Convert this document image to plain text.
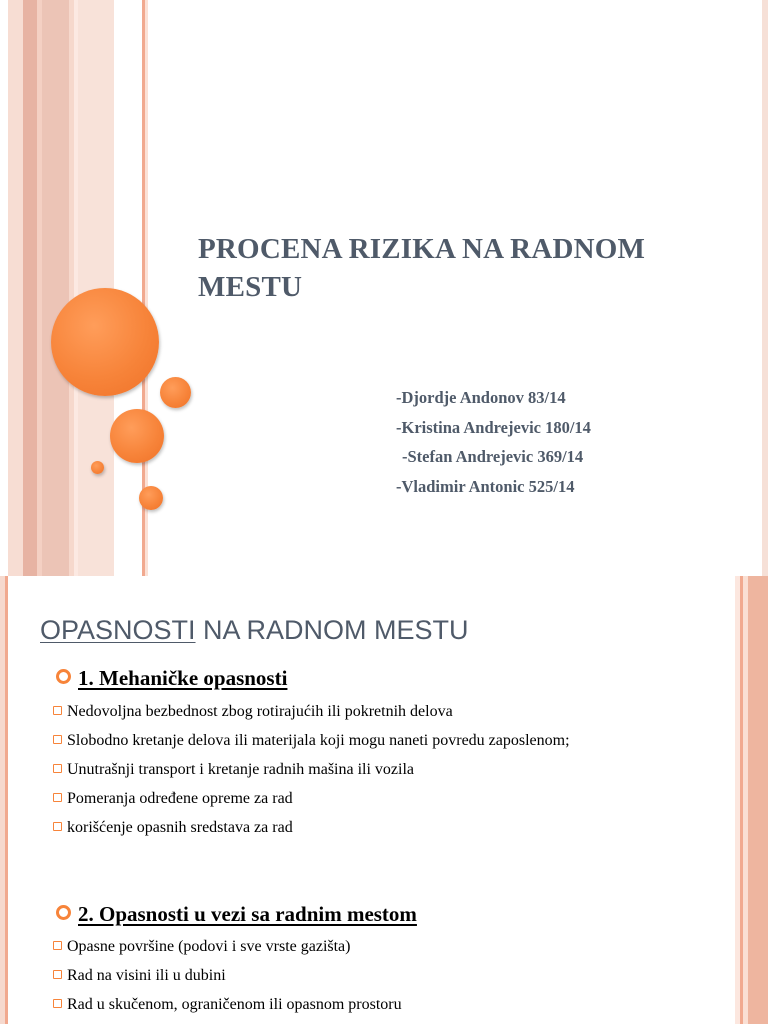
PROCENA RIZIKA NA RADNOM MESTU
-Djordje Andonov 83/14
-Kristina Andrejevic 180/14
-Stefan Andrejevic 369/14
-Vladimir Antonic 525/14
OPASNOSTI NA RADNOM MESTU

1. Mehaničke opasnosti

Nedovoljna bezbednost zbog rotirajućih ili pokretnih delova
Slobodno kretanje delova ili materijala koji mogu naneti povredu zaposlenom;
Unutrašnji transport i kretanje radnih mašina ili vozila
Pomeranja određene opreme za rad
korišćenje opasnih sredstava za rad

2. Opasnosti u vezi sa radnim mestom

Opasne površine (podovi i sve vrste gazišta)
Rad na visini ili u dubini
Rad u skučenom, ograničenom ili opasnom prostoru
